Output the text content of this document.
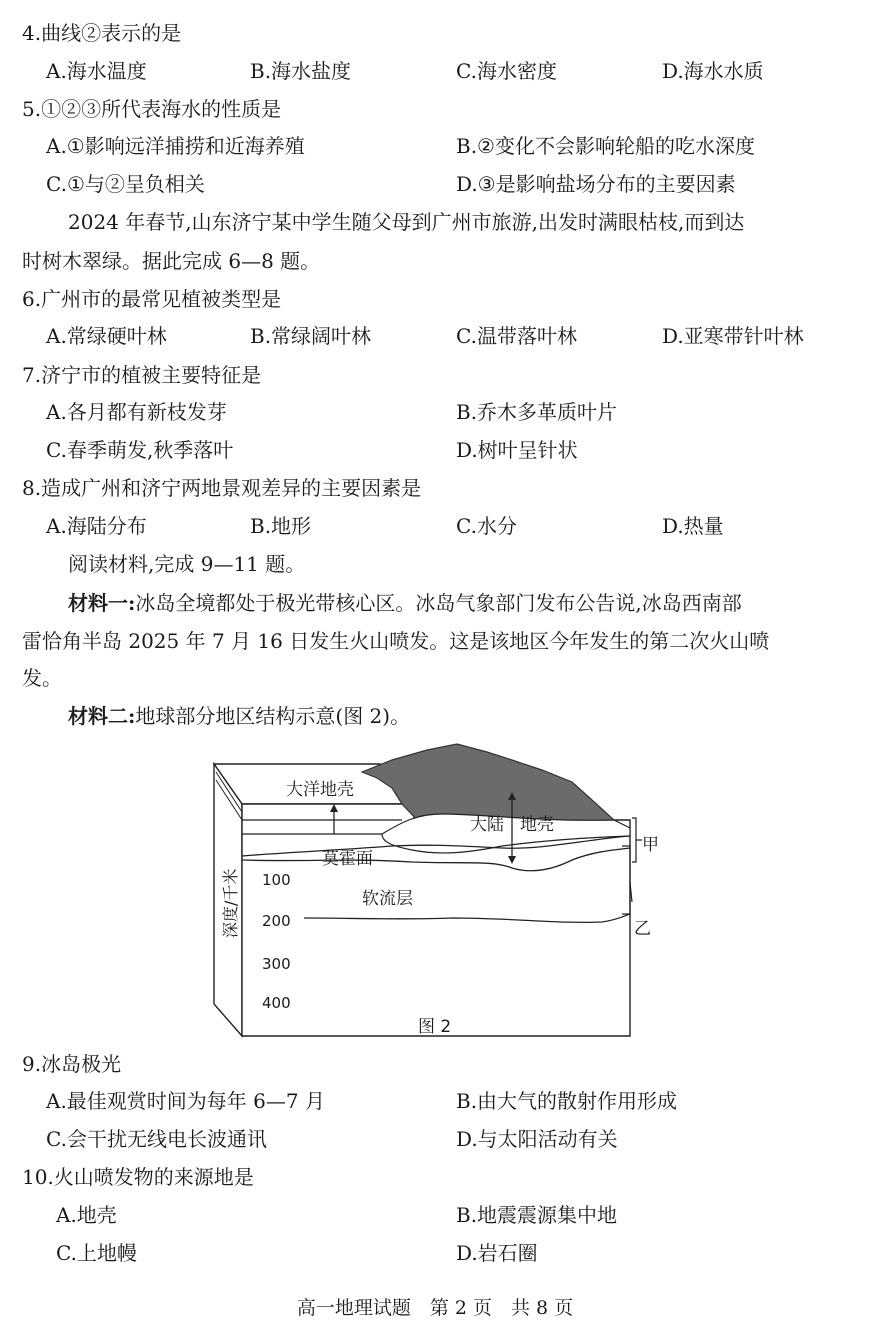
4.曲线②表示的是
A.海水温度	B.海水盐度	C.海水密度	D.海水水质
5.①②③所代表海水的性质是
A.①影响远洋捕捞和近海养殖	B.②变化不会影响轮船的吃水深度
C.①与②呈负相关	D.③是影响盐场分布的主要因素
2024 年春节,山东济宁某中学生随父母到广州市旅游,出发时满眼枯枝,而到达
时树木翠绿。据此完成 6—8 题。
6.广州市的最常见植被类型是
A.常绿硬叶林	B.常绿阔叶林	C.温带落叶林	D.亚寒带针叶林
7.济宁市的植被主要特征是
A.各月都有新枝发芽	B.乔木多革质叶片
C.春季萌发,秋季落叶	D.树叶呈针状
8.造成广州和济宁两地景观差异的主要因素是
A.海陆分布	B.地形	C.水分	D.热量
阅读材料,完成 9—11 题。
材料一:冰岛全境都处于极光带核心区。冰岛气象部门发布公告说,冰岛西南部
雷恰角半岛 2025 年 7 月 16 日发生火山喷发。这是该地区今年发生的第二次火山喷
发。
材料二:地球部分地区结构示意(图 2)。
大洋地壳
大陆 地壳
莫霍面
软流层
深度/千米 100
200
300
400
甲
乙
图 2
9.冰岛极光
A.最佳观赏时间为每年 6—7 月	B.由大气的散射作用形成
C.会干扰无线电长波通讯	D.与太阳活动有关
10.火山喷发物的来源地是
A.地壳	B.地震震源集中地
C.上地幔	D.岩石圈
高一地理试题　第 2 页　共 8 页
